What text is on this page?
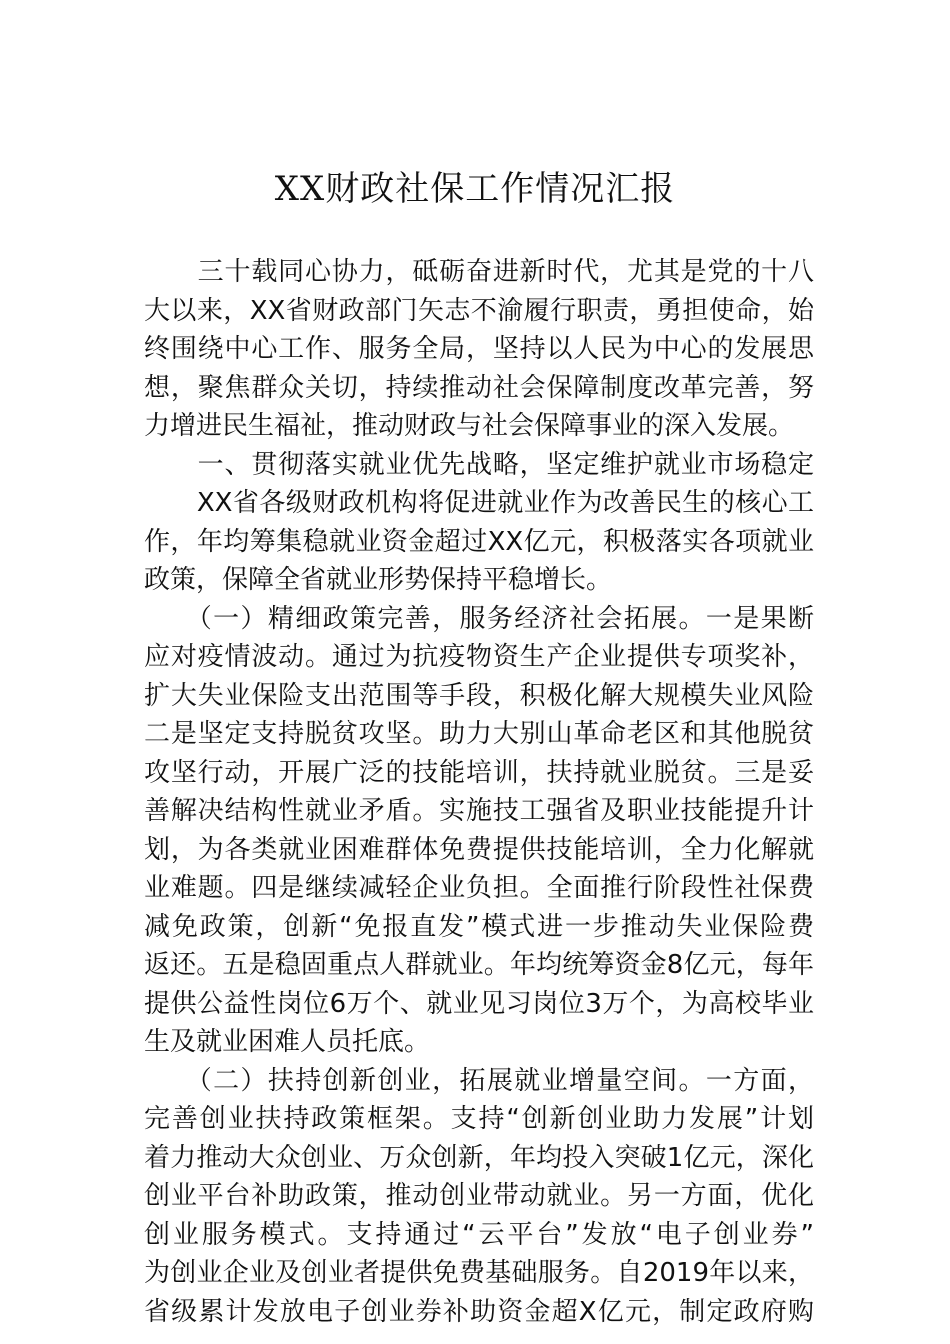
XX财政社保工作情况汇报
　　三十载同心协力，砥砺奋进新时代，尤其是党的十八
大以来，XX省财政部门矢志不渝履行职责，勇担使命，始
终围绕中心工作、服务全局，坚持以人民为中心的发展思
想，聚焦群众关切，持续推动社会保障制度改革完善，努
力增进民生福祉，推动财政与社会保障事业的深入发展。
　　一、贯彻落实就业优先战略，坚定维护就业市场稳定
　　XX省各级财政机构将促进就业作为改善民生的核心工
作，年均筹集稳就业资金超过XX亿元，积极落实各项就业
政策，保障全省就业形势保持平稳增长。
　　（一）精细政策完善，服务经济社会拓展。一是果断
应对疫情波动。通过为抗疫物资生产企业提供专项奖补，
扩大失业保险支出范围等手段，积极化解大规模失业风险
二是坚定支持脱贫攻坚。助力大别山革命老区和其他脱贫
攻坚行动，开展广泛的技能培训，扶持就业脱贫。三是妥
善解决结构性就业矛盾。实施技工强省及职业技能提升计
划，为各类就业困难群体免费提供技能培训，全力化解就
业难题。四是继续减轻企业负担。全面推行阶段性社保费
减免政策，创新“免报直发”模式进一步推动失业保险费
返还。五是稳固重点人群就业。年均统筹资金8亿元，每年
提供公益性岗位6万个、就业见习岗位3万个，为高校毕业
生及就业困难人员托底。
　　（二）扶持创新创业，拓展就业增量空间。一方面，
完善创业扶持政策框架。支持“创新创业助力发展”计划
着力推动大众创业、万众创新，年均投入突破1亿元，深化
创业平台补助政策，推动创业带动就业。另一方面，优化
创业服务模式。支持通过“云平台”发放“电子创业券”
为创业企业及创业者提供免费基础服务。自2019年以来，
省级累计发放电子创业券补助资金超X亿元，制定政府购
